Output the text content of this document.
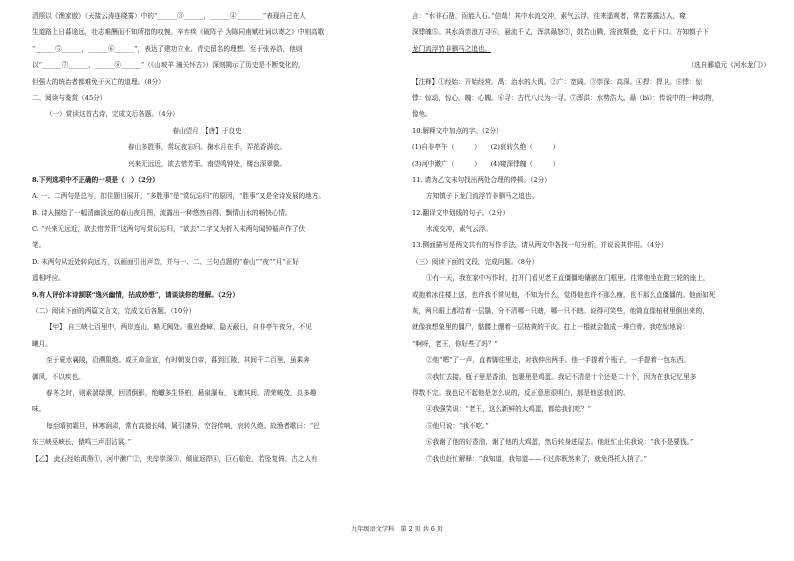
清照以《渔家傲》（天接云涛连晓雾）中的“______③______，______④________”表现自己在人
生道路上日暮途远，壮志难酬而不知所措的叹惋。辛弃疾《破阵子 为陈同甫赋壮词以寄之》中则高歌
“______⑤______，______⑥______”，表达了建功立业、青史留名的理想。至于张养浩，他则
以“______⑦______，______⑧______”（《山坡羊 潼关怀古》）深刻揭示了历史是不断变化的，
但强大的统治者都难免于灭亡的道理。（8分）
二、阅读与鉴赏（45分）
（一）赏读这首古诗，完成文后各题。（4分）
春山望月　【唐】于良史
春山多胜事，赏玩夜忘归。掬水月在手，弄花香满衣。
兴来无远近，欲去惜芳菲。南望鸣钟处，楼台深翠微。
8.下列选项中不正确的一项是（　）（2分）
A. 一、二两句是总写，扣住题目展开，“多胜事”是“赏玩忘归”的原因，“胜事”又是全诗发展的地方。
B. 诗人描绘了一幅清幽淡远的春山夜月图，流露出一种悠然自得、飘情山水的畅快心情。
C. “兴来无远近，欲去惜芳菲”这两句写赏玩忘归，“欲去”二字又为折入末两句闻钟循声作了伏
笔。
D. 末两句从近处转向远方，以画面引出声音，并与一、二、三句点题的“春山”“夜”“月”正好
遥相呼应。
9.有人评价本诗颔联“逸兴幽情，拈成妙想”，请谈谈你的理解。（2分）
（二）阅读下面的两篇文言文，完成文后各题。（10分）
【甲】 自三峡七百里中，两岸连山，略无阙处。重岩叠嶂，隐天蔽日，自非亭午夜分，不见
曦月。
至于夏水襄陵，沿溯阻绝。或王命急宣，有时朝发白帝，暮到江陵，其间千二百里，虽乘奔
御风，不以疾也。
春冬之时，则素湍绿潭，回清倒影，绝巘多生怪柏，悬泉瀑布，飞漱其间，清荣峻茂，良多趣
味。
每至晴初霜旦，林寒涧肃，常有高猿长啸，属引凄异，空谷传响，哀转久绝。故渔者歌曰：“巴
东三峡巫峡长，猿鸣三声泪沾裳。”
【乙】 此石经始禹凿①，河中漱广②，夹岸崇深③，倾崖返捍④，巨石临危，若坠复倚。古之人有
言：“水非石凿，而能入石。”信哉！其中水流交冲，素气云浮，往来遥观者，常若雾露沾人，窥
深悸魄⑤。其水尚崇浪万寻⑥，悬流千丈，浑洪赑怒⑦，鼓若山腾，浚波颓叠，迄于下口。方知慎子下
龙门流浮竹非驷马之追也。
（选自郦道元《河水龙门》）
【注释】①经始：开始经营。禹：治水的大禹。②广：宽阔。③崇深：高深。④捍：捍卫。⑤悸：惊
悸：惊动，惊心。魄：心魄。⑥寻：古代八尺为一寻。⑦浑洪：水势浩大。赑（bì）：传说中的一种动物，
像龟。
10.解释文中加点的字。（2分）
(1)自非亭午（　　　）　　(2)哀转久绝（　　　）
(3)河中漱广（　　　）　　(4)窥深悸魄（　　　）
11. 请为乙文末句找出两处合理的停顿。（2分）
方知慎子下龙门流浮竹非驷马之追也。
12.翻译文中划线的句子。（2分）
水流交冲，素气云浮。
13.侧面描写是两文共有的写作手法，请从两文中各找一句分析，并说说其作用。（4分）
（三）阅读下面的文段，完成问题。（8分）
①有一天，我在家中写作时，打开门看见老王直僵僵地镶嵌在门框里。往常他坐在蹬三轮的座上，
或抱着冰往楼上送，也许我不常见他，不知为什么，觉得他也许不那么瘦，也不那么直僵僵的。他面如死
灰，两只眼上都结着一层翳，分不清哪一只瞎，哪一只不瞎。说得可笑些，他简直像棺材里倒出来的，
就像我想象里的僵尸，骷髅上绷着一层枯黄的干皮，打上一棍就会散成一堆白骨。我吃惊地说：
“啊呀，老王，你好些了吗？”
②他“嗯”了一声，直着脚往里走，对我伸出两手。他一手提着个瓶子，一手提着一包东西。
③我忙去接。瓶子里是香油，包裹里是鸡蛋。我记不清是十个还是二十个，因为在我记忆里多
得数不完。我也记不起他是怎么说的，反正意思很明白，那是他送我们的。
④我强笑说：“老王，这么新鲜的大鸡蛋，都给我们吃？”
⑤他只说：“我不吃。”
⑥我谢了他的好香油，谢了他的大鸡蛋，然后转身进屋去。他赶忙止住我说：“我不是要钱。”
⑦我也赶忙解释：“我知道，我知道——不过你既然来了，就免得托人捎了。”
九年级语文学科　第 2 页 共 6 页
